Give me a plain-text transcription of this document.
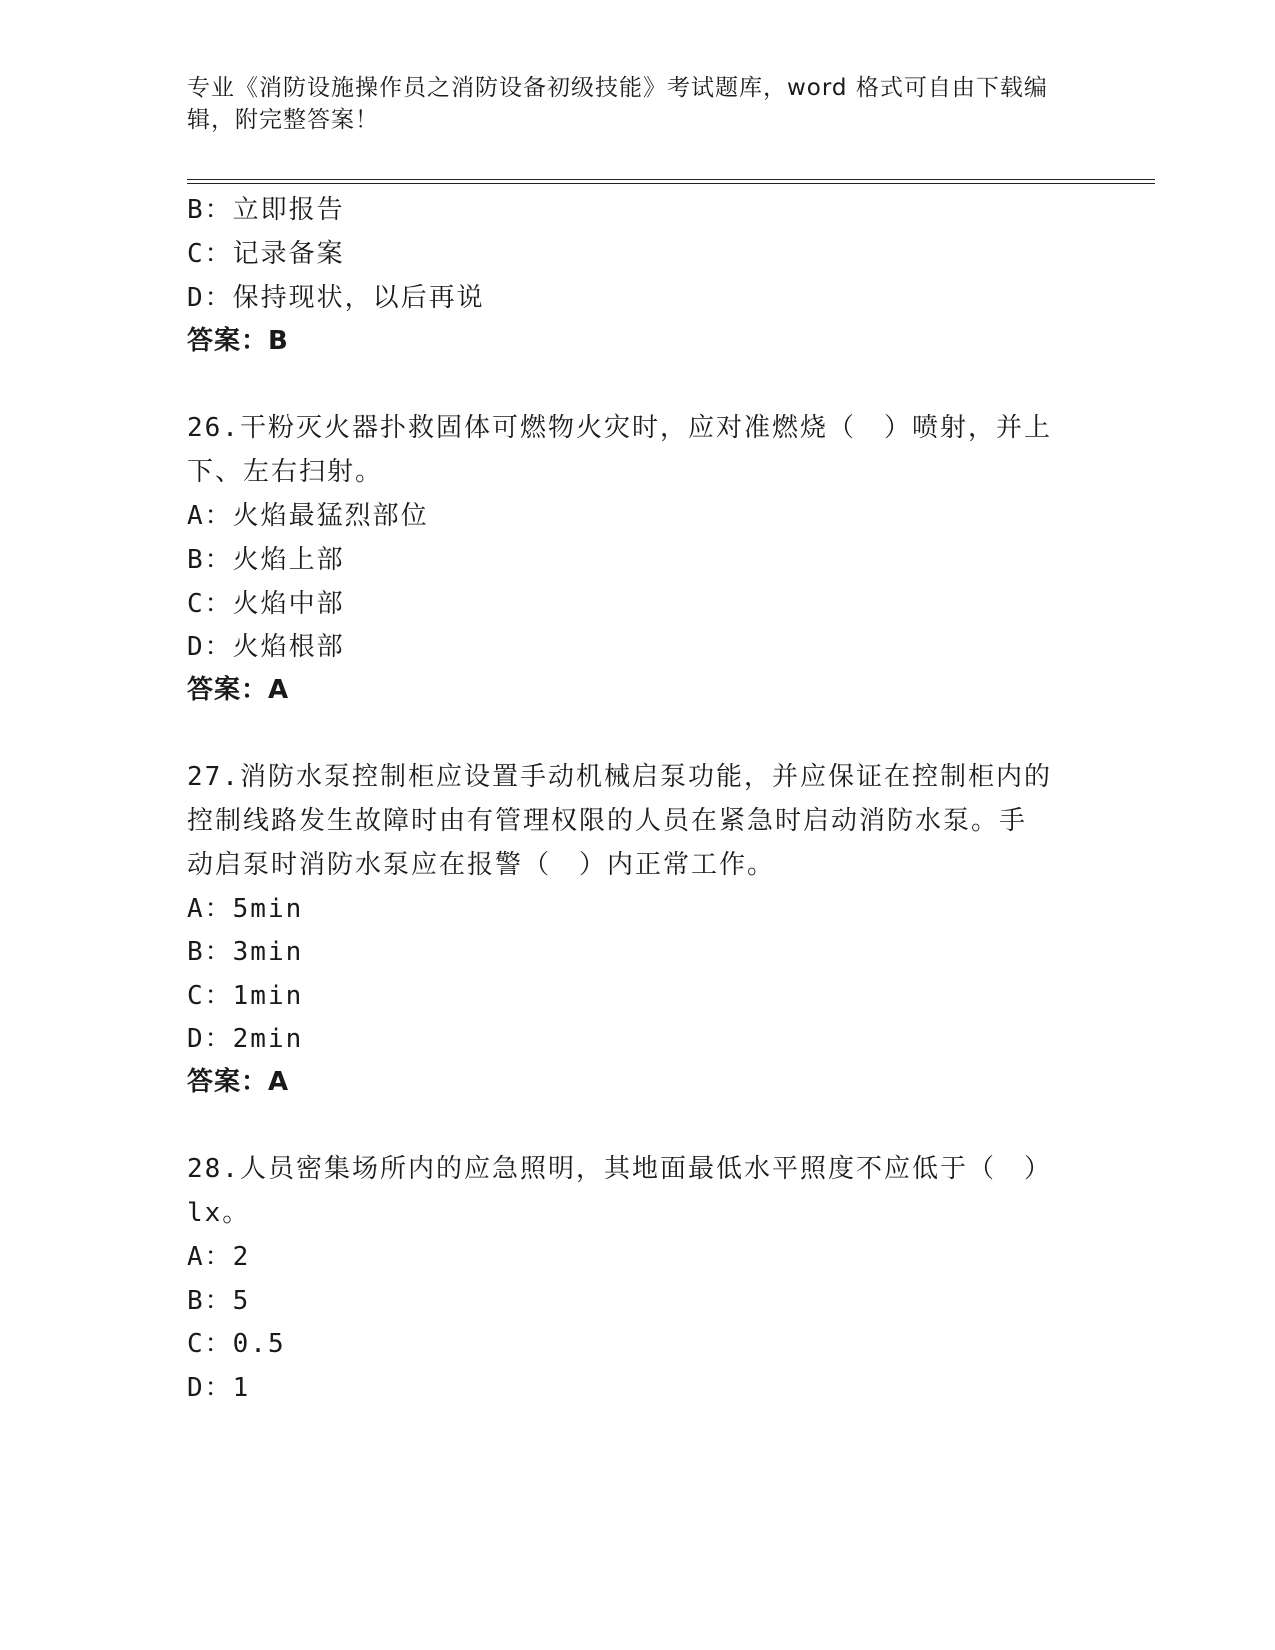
专业《消防设施操作员之消防设备初级技能》考试题库，word 格式可自由下载编辑，附完整答案！
B：立即报告
C：记录备案
D：保持现状，以后再说
答案：B
26.干粉灭火器扑救固体可燃物火灾时，应对准燃烧（　）喷射，并上
下、左右扫射。
A：火焰最猛烈部位
B：火焰上部
C：火焰中部
D：火焰根部
答案：A
27.消防水泵控制柜应设置手动机械启泵功能，并应保证在控制柜内的
控制线路发生故障时由有管理权限的人员在紧急时启动消防水泵。手
动启泵时消防水泵应在报警（　）内正常工作。
A：5min
B：3min
C：1min
D：2min
答案：A
28.人员密集场所内的应急照明，其地面最低水平照度不应低于（　）
lx。
A：2
B：5
C：0.5
D：1
